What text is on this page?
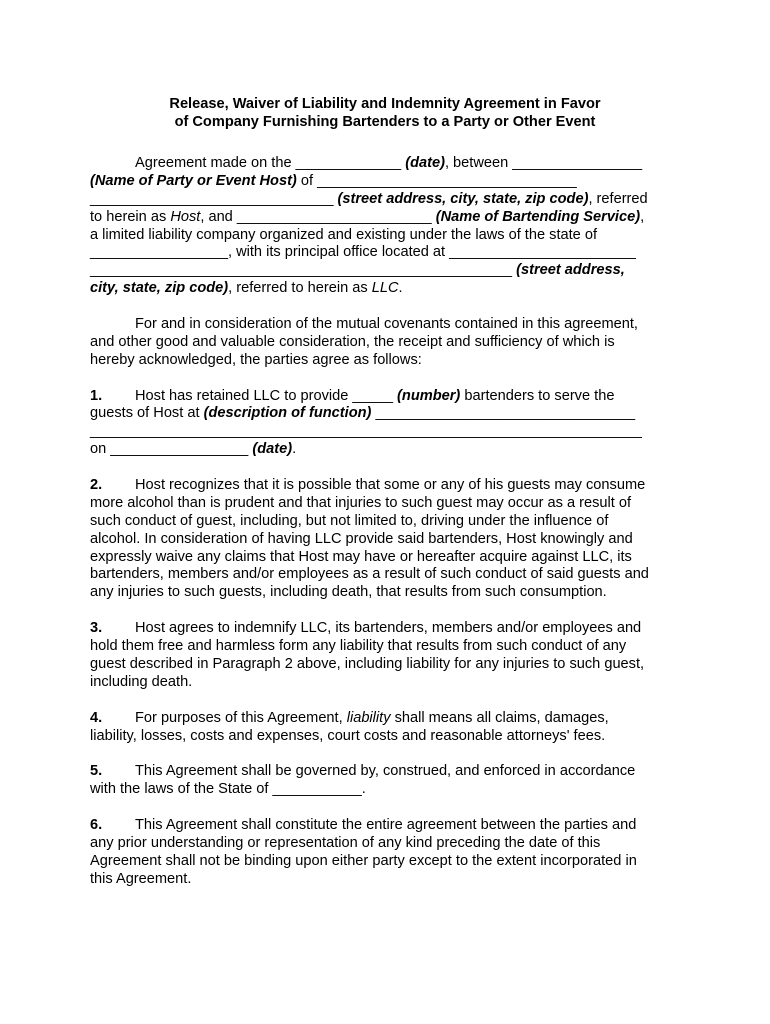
Release, Waiver of Liability and Indemnity Agreement in Favor
of Company Furnishing Bartenders to a Party or Other Event

Agreement made on the _____________ (date), between ________________
(Name of Party or Event Host) of ________________________________
______________________________ (street address, city, state, zip code), referred
to herein as Host, and ________________________ (Name of Bartending Service),
a limited liability company organized and existing under the laws of the state of
_________________, with its principal office located at _______________________
____________________________________________________ (street address,
city, state, zip code), referred to herein as LLC.
For and in consideration of the mutual covenants contained in this agreement,
and other good and valuable consideration, the receipt and sufficiency of which is
hereby acknowledged, the parties agree as follows:
1. Host has retained LLC to provide _____ (number) bartenders to serve the
guests of Host at (description of function) ________________________________
____________________________________________________________________
on _________________ (date).
2. Host recognizes that it is possible that some or any of his guests may consume
more alcohol than is prudent and that injuries to such guest may occur as a result of
such conduct of guest, including, but not limited to, driving under the influence of
alcohol. In consideration of having LLC provide said bartenders, Host knowingly and
expressly waive any claims that Host may have or hereafter acquire against LLC, its
bartenders, members and/or employees as a result of such conduct of said guests and
any injuries to such guests, including death, that results from such consumption.
3. Host agrees to indemnify LLC, its bartenders, members and/or employees and
hold them free and harmless form any liability that results from such conduct of any
guest described in Paragraph 2 above, including liability for any injuries to such guest,
including death.
4. For purposes of this Agreement, liability shall means all claims, damages,
liability, losses, costs and expenses, court costs and reasonable attorneys' fees.
5. This Agreement shall be governed by, construed, and enforced in accordance
with the laws of the State of ___________.
6. This Agreement shall constitute the entire agreement between the parties and
any prior understanding or representation of any kind preceding the date of this
Agreement shall not be binding upon either party except to the extent incorporated in
this Agreement.
